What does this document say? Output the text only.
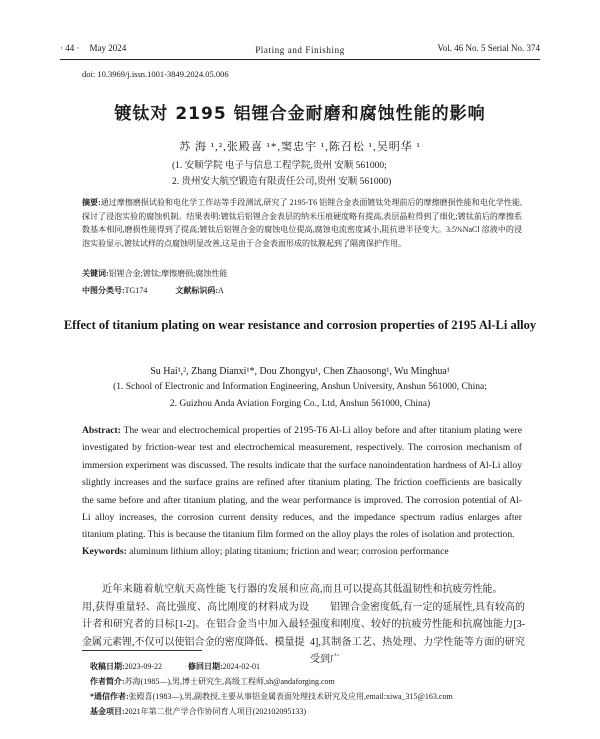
· 44 · May 2024	Plating and Finishing	Vol. 46 No. 5 Serial No. 374
doi: 10.3969/j.issn.1001-3849.2024.05.006
镀钛对 2195 铝锂合金耐磨和腐蚀性能的影响
苏 海 ¹,²,张殿喜 ¹*,窦忠宇 ¹,陈召松 ¹,吴明华 ¹
(1. 安顺学院 电子与信息工程学院,贵州 安顺 561000;
2. 贵州安大航空锻造有限责任公司,贵州 安顺 561000)
摘要:通过摩擦磨损试验和电化学工作站等手段测试,研究了 2195-T6 铝锂合金表面镀钛处理前后的摩擦磨损性能和电化学性能,探讨了浸泡实验的腐蚀机制。结果表明:镀钛后铝锂合金表层的纳米压痕硬度略有提高,表层晶粒得到了细化;镀钛前后的摩擦系数基本相同,磨损性能得到了提高;镀钛后铝锂合金的腐蚀电位提高,腐蚀电流密度减小,阻抗谱半径变大。3.5%NaCl 溶液中的浸泡实验显示,镀钛试样的点腐蚀明显改善,这是由于合金表面形成的钛膜起到了隔离保护作用。
关键词:铝锂合金;镀钛;摩擦磨损;腐蚀性能
中图分类号:TG174	文献标识码:A
Effect of titanium plating on wear resistance and corrosion properties of 2195 Al-Li alloy
Su Hai¹,², Zhang Dianxi¹*, Dou Zhongyu¹, Chen Zhaosong¹, Wu Minghua¹
(1. School of Electronic and Information Engineering, Anshun University, Anshun 561000, China;
2. Guizhou Anda Aviation Forging Co., Ltd, Anshun 561000, China)
Abstract: The wear and electrochemical properties of 2195-T6 Al-Li alloy before and after titanium plating were investigated by friction-wear test and electrochemical measurement, respectively. The corrosion mechanism of immersion experiment was discussed. The results indicate that the surface nanoindentation hardness of Al-Li alloy slightly increases and the surface grains are refined after titanium plating. The friction coefficients are basically the same before and after titanium plating, and the wear performance is improved. The corrosion potential of Al-Li alloy increases, the corrosion current density reduces, and the impedance spectrum radius enlarges after titanium plating. This is because the titanium film formed on the alloy plays the roles of isolation and protection.
Keywords: aluminum lithium alloy; plating titanium; friction and wear; corrosion performance
近年来随着航空航天高性能飞行器的发展和应用,获得重量轻、高比强度、高比刚度的材料成为设计者和研究者的目标[1-2]。在铝合金当中加入最轻金属元素锂,不仅可以使铝合金的密度降低、模量提
高,而且可以提高其低温韧性和抗疲劳性能。
铝锂合金密度低,有一定的延展性,具有较高的强度和刚度、较好的抗疲劳性能和抗腐蚀能力[3-4],其制备工艺、热处理、力学性能等方面的研究受到广
收稿日期:2023-09-22	修回日期:2024-02-01
作者简介:苏海(1985—),男,博士研究生,高级工程师,sh@andaforging.com
*通信作者:张殿喜(1983—),男,副教授,主要从事铝金属表面处理技术研究及应用,email:xiwa_315@163.com
基金项目:2021年第二批产学合作协同育人项目(202102095133)
